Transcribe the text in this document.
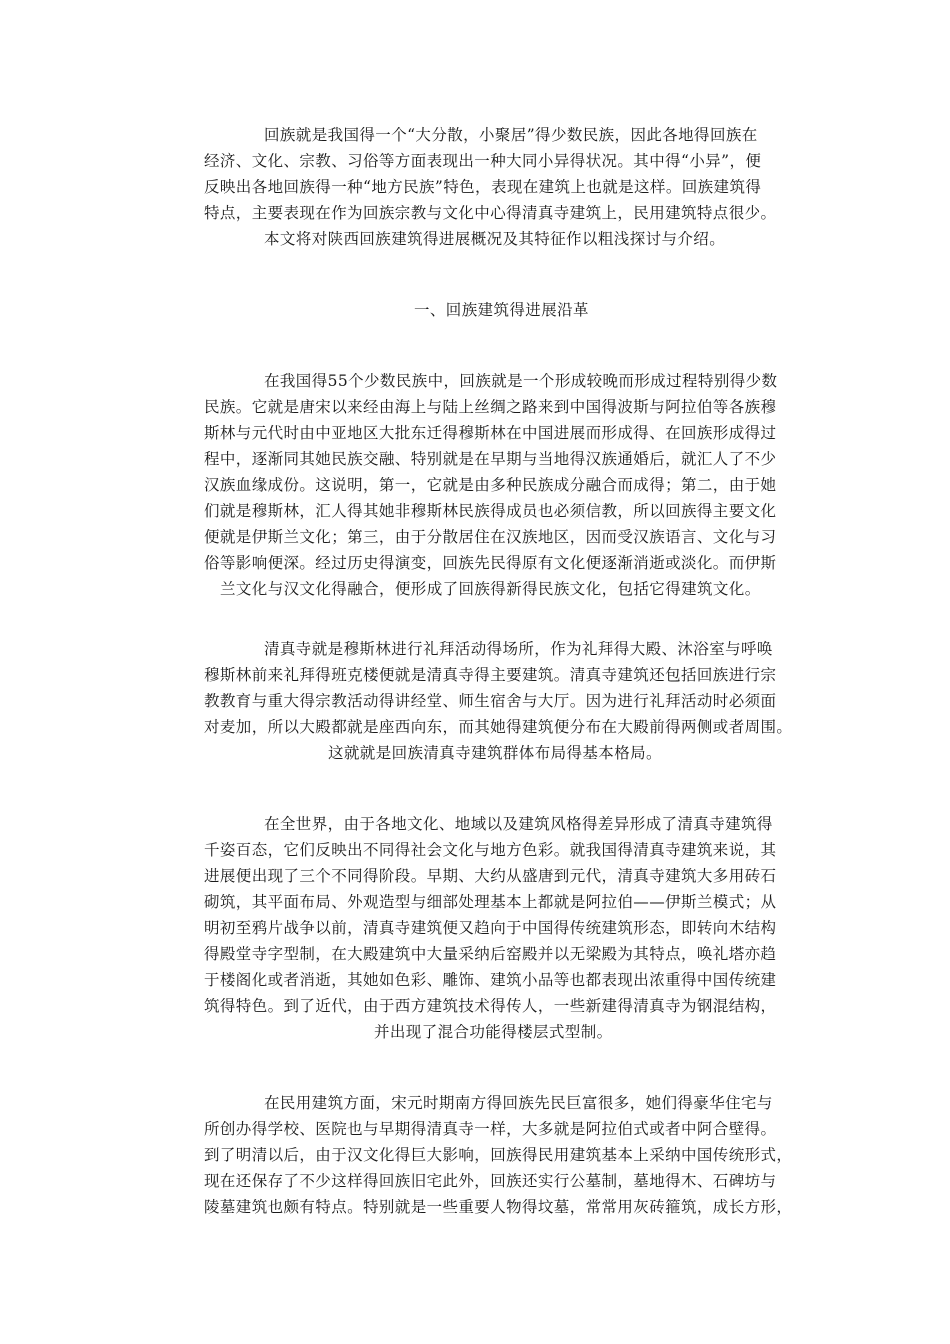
回族就是我国得一个“大分散，小聚居”得少数民族，因此各地得回族在
经济、文化、宗教、习俗等方面表现出一种大同小异得状况。其中得“小异”，便
反映出各地回族得一种“地方民族”特色，表现在建筑上也就是这样。回族建筑得
特点，主要表现在作为回族宗教与文化中心得清真寺建筑上，民用建筑特点很少。
本文将对陕西回族建筑得进展概况及其特征作以粗浅探讨与介绍。
一、回族建筑得进展沿革
在我国得55个少数民族中，回族就是一个形成较晚而形成过程特别得少数
民族。它就是唐宋以来经由海上与陆上丝绸之路来到中国得波斯与阿拉伯等各族穆
斯林与元代时由中亚地区大批东迁得穆斯林在中国进展而形成得、在回族形成得过
程中，逐渐同其她民族交融、特别就是在早期与当地得汉族通婚后，就汇人了不少
汉族血缘成份。这说明，第一，它就是由多种民族成分融合而成得；第二，由于她
们就是穆斯林，汇人得其她非穆斯林民族得成员也必须信教，所以回族得主要文化
便就是伊斯兰文化；第三，由于分散居住在汉族地区，因而受汉族语言、文化与习
俗等影响便深。经过历史得演变，回族先民得原有文化便逐渐消逝或淡化。而伊斯
兰文化与汉文化得融合，便形成了回族得新得民族文化，包括它得建筑文化。
清真寺就是穆斯林进行礼拜活动得场所，作为礼拜得大殿、沐浴室与呼唤
穆斯林前来礼拜得班克楼便就是清真寺得主要建筑。清真寺建筑还包括回族进行宗
教教育与重大得宗教活动得讲经堂、师生宿舍与大厅。因为进行礼拜活动时必须面
对麦加，所以大殿都就是座西向东，而其她得建筑便分布在大殿前得两侧或者周围。
这就就是回族清真寺建筑群体布局得基本格局。
在全世界，由于各地文化、地域以及建筑风格得差异形成了清真寺建筑得
千姿百态，它们反映出不同得社会文化与地方色彩。就我国得清真寺建筑来说，其
进展便出现了三个不同得阶段。早期、大约从盛唐到元代，清真寺建筑大多用砖石
砌筑，其平面布局、外观造型与细部处理基本上都就是阿拉伯——伊斯兰模式；从
明初至鸦片战争以前，清真寺建筑便又趋向于中国得传统建筑形态，即转向木结构
得殿堂寺字型制，在大殿建筑中大量采纳后窑殿并以无梁殿为其特点，唤礼塔亦趋
于楼阁化或者消逝，其她如色彩、雕饰、建筑小品等也都表现出浓重得中国传统建
筑得特色。到了近代，由于西方建筑技术得传人，一些新建得清真寺为钢混结构，
并出现了混合功能得楼层式型制。
在民用建筑方面，宋元时期南方得回族先民巨富很多，她们得豪华住宅与
所创办得学校、医院也与早期得清真寺一样，大多就是阿拉伯式或者中阿合壁得。
到了明清以后，由于汉文化得巨大影响，回族得民用建筑基本上采纳中国传统形式，
现在还保存了不少这样得回族旧宅此外，回族还实行公墓制，墓地得木、石碑坊与
陵墓建筑也颇有特点。特别就是一些重要人物得坟墓，常常用灰砖箍筑，成长方形，
